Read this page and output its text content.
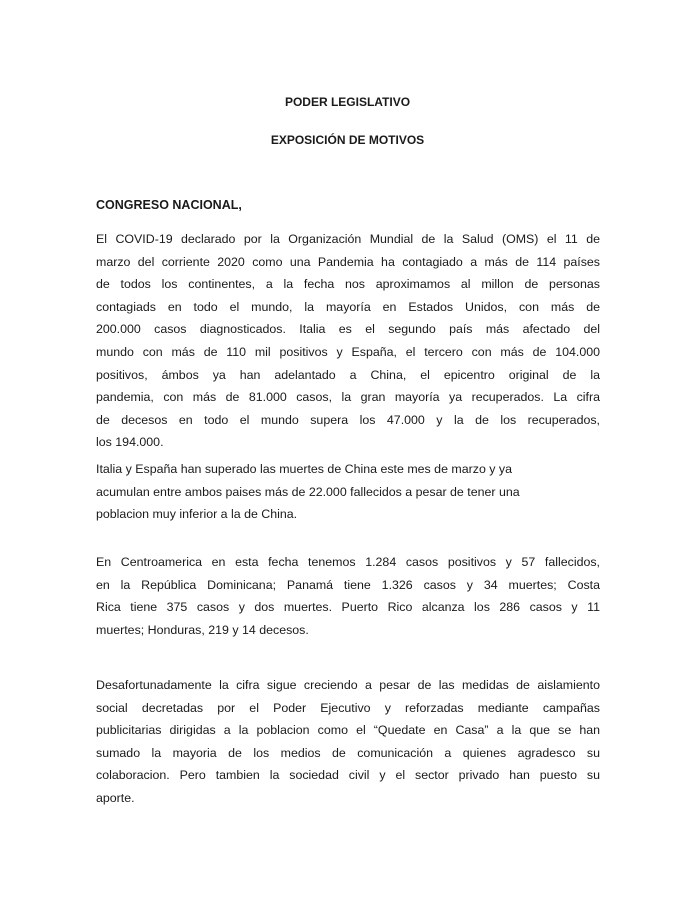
PODER LEGISLATIVO
EXPOSICIÓN DE MOTIVOS
CONGRESO NACIONAL,
El COVID-19 declarado por la Organización Mundial de la Salud (OMS) el 11 de
marzo del corriente 2020 como una Pandemia ha contagiado a más de 114 países
de todos los continentes, a la fecha nos aproximamos al millon de personas
contagiads en todo el mundo, la mayoría en Estados Unidos, con más de
200.000 casos diagnosticados. Italia es el segundo país más afectado del
mundo con más de 110 mil positivos y España, el tercero con más de 104.000
positivos, ámbos ya han adelantado a China, el epicentro original de la
pandemia, con más de 81.000 casos, la gran mayoría ya recuperados. La cifra
de decesos en todo el mundo supera los 47.000 y la de los recuperados,
los 194.000.
Italia y España han superado las muertes de China este mes de marzo y ya
acumulan entre ambos paises más de 22.000 fallecidos a pesar de tener una
poblacion muy inferior a la de China.
En Centroamerica en esta fecha tenemos 1.284 casos positivos y 57 fallecidos,
en la República Dominicana; Panamá tiene 1.326 casos y 34 muertes; Costa
Rica tiene 375 casos y dos muertes. Puerto Rico alcanza los 286 casos y 11
muertes; Honduras, 219 y 14 decesos.
Desafortunadamente la cifra sigue creciendo a pesar de las medidas de aislamiento
social decretadas por el Poder Ejecutivo y reforzadas mediante campañas
publicitarias dirigidas a la poblacion como el “Quedate en Casa” a la que se han
sumado la mayoria de los medios de comunicación a quienes agradesco su
colaboracion. Pero tambien la sociedad civil y el sector privado han puesto su
aporte.
